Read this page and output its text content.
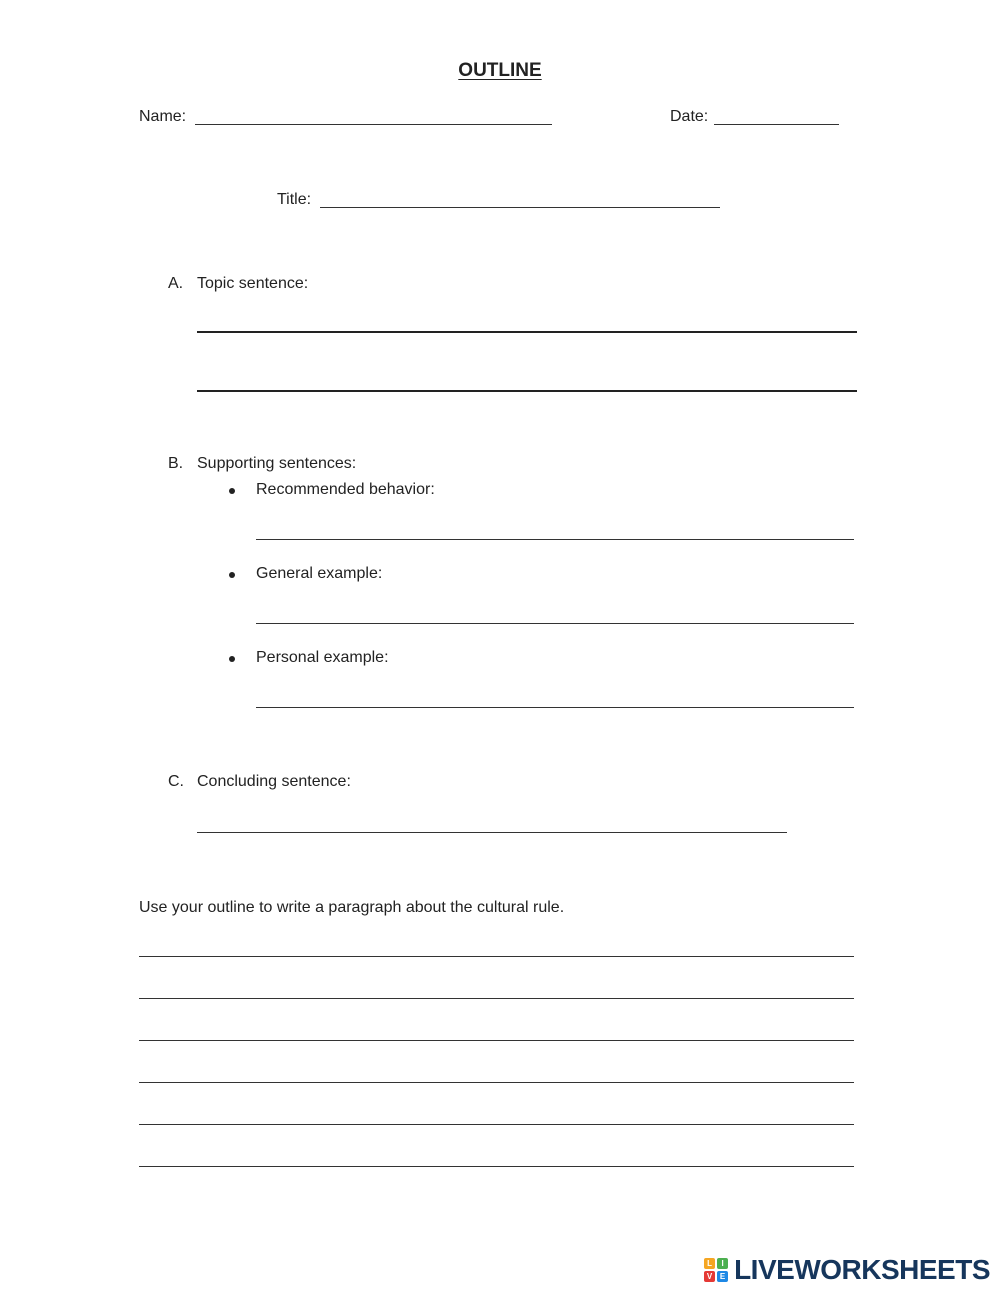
OUTLINE
Name:	Date:
Title:
A. Topic sentence:
B. Supporting sentences:
Recommended behavior:
General example:
Personal example:
C. Concluding sentence:
Use your outline to write a paragraph about the cultural rule.
L	I
V E LIVEWORKSHEETS
